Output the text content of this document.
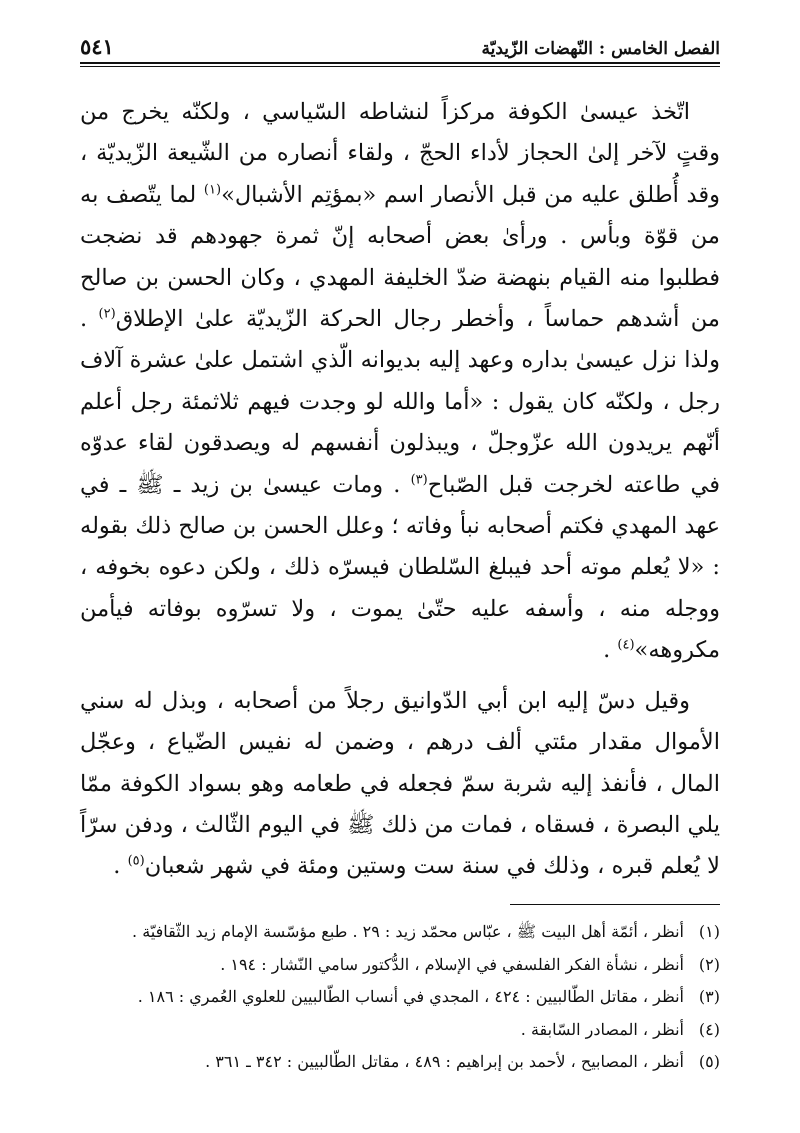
الفصل الخامس : النّهضات الزّيديّة
٥٤١

اتّخذ عيسىٰ الكوفة مركزاً لنشاطه السّياسي ، ولكنّه يخرج من وقتٍ لآخر إلىٰ الحجاز لأداء الحجّ ، ولقاء أنصاره من الشّيعة الزّيديّة ، وقد أُطلق عليه من قبل الأنصار اسم «بمؤتِم الأشبال»$^{(١)}$ لما يتّصف به من قوّة وبأس . ورأىٰ بعض أصحابه إنّ ثمرة جهودهم قد نضجت فطلبوا منه القيام بنهضة ضدّ الخليفة المهدي ، وكان الحسن بن صالح من أشدهم حماساً ، وأخطر رجال الحركة الزّيديّة علىٰ الإطلاق$^{(٢)}$ . ولذا نزل عيسىٰ بداره وعهد إليه بديوانه الّذي اشتمل علىٰ عشرة آلاف رجل ، ولكنّه كان يقول : «أما والله لو وجدت فيهم ثلاثمئة رجل أعلم أنّهم يريدون الله عزّوجلّ ، ويبذلون أنفسهم له ويصدقون لقاء عدوّه في طاعته لخرجت قبل الصّباح$^{(٣)}$ . ومات عيسىٰ بن زيد ـ ﷺ ـ في عهد المهدي فكتم أصحابه نبأ وفاته ؛ وعلل الحسن بن صالح ذلك بقوله : «لا يُعلم موته أحد فيبلغ السّلطان فيسرّه ذلك ، ولكن دعوه بخوفه ، ووجله منه ، وأسفه عليه حتّىٰ يموت ، ولا تسرّوه بوفاته فيأمن مكروهه»$^{(٤)}$ .

وقيل دسّ إليه ابن أبي الدّوانيق رجلاً من أصحابه ، وبذل له سني الأموال مقدار مئتي ألف درهم ، وضمن له نفيس الضّياع ، وعجّل المال ، فأنفذ إليه شربة سمّ فجعله في طعامه وهو بسواد الكوفة ممّا يلي البصرة ، فسقاه ، فمات من ذلك ﷺ في اليوم الثّالث ، ودفن سرّاً لا يُعلم قبره ، وذلك في سنة ست وستين ومئة في شهر شعبان$^{(٥)}$ .

(١)
أنظر ، أئمّة أهل البيت ﷺ ، عبّاس محمّد زيد : ٢٩ . طبع مؤسّسة الإمام زيد الثّقافيّة .
(٢)
أنظر ، نشأة الفكر الفلسفي في الإسلام ، الدُّكتور سامي النّشار : ١٩٤ .
(٣)
أنظر ، مقاتل الطّالبيين : ٤٢٤ ، المجدي في أنساب الطّالبيين للعلوي العُمري : ١٨٦ .
(٤)
أنظر ، المصادر السّابقة .
(٥)
أنظر ، المصابيح ، لأحمد بن إبراهيم : ٤٨٩ ، مقاتل الطّالبيين : ٣٤٢ ـ ٣٦١ .
